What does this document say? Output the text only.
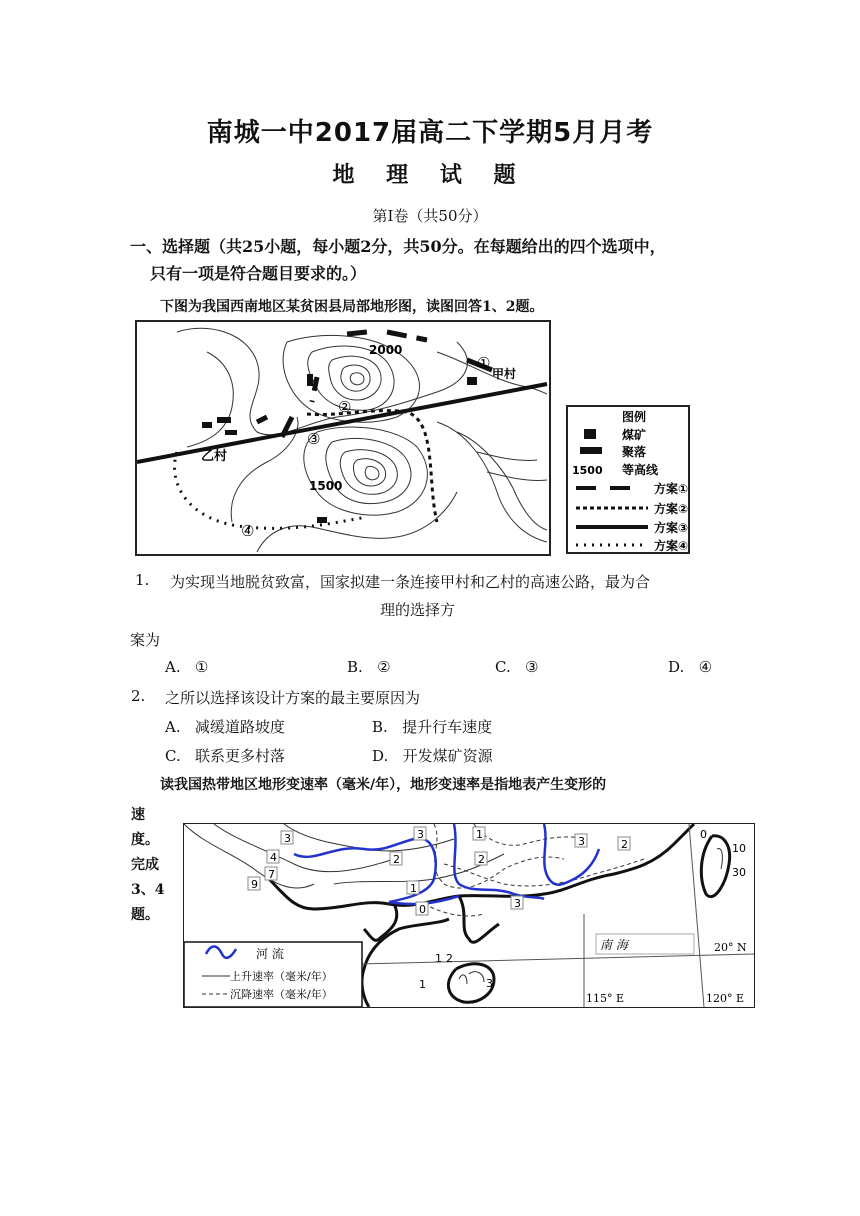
南城一中2017届高二下学期5月月考
地 理 试 题
第Ⅰ卷（共50分）
一、选择题（共25小题，每小题2分，共50分。在每题给出的四个选项中，
只有一项是符合题目要求的。）
下图为我国西南地区某贫困县局部地形图，读图回答1、2题。
2000
1500
甲村
乙村
①
②
③
④
图例
煤矿
聚落
1500 等高线
方案①
方案②
方案③
方案④
1. 为实现当地脱贫致富，国家拟建一条连接甲村和乙村的高速公路，最为合
理的选择方
案为
A. ①	B. ②	C. ③	D. ④
2. 之所以选择该设计方案的最主要原因为
A. 减缓道路坡度	B. 提升行车速度
C. 联系更多村落	D. 开发煤矿资源
读我国热带地区地形变速率（毫米/年），地形变速率是指地表产生变形的
速
度。
完成
3、4
题。
南 海	20° N
115° E	120° E
3	3	1
3	2
4
7
9
2	2
1
0	3
0
10
30
1 2
1	3
河 流
上升速率（毫米/年）
沉降速率（毫米/年）
